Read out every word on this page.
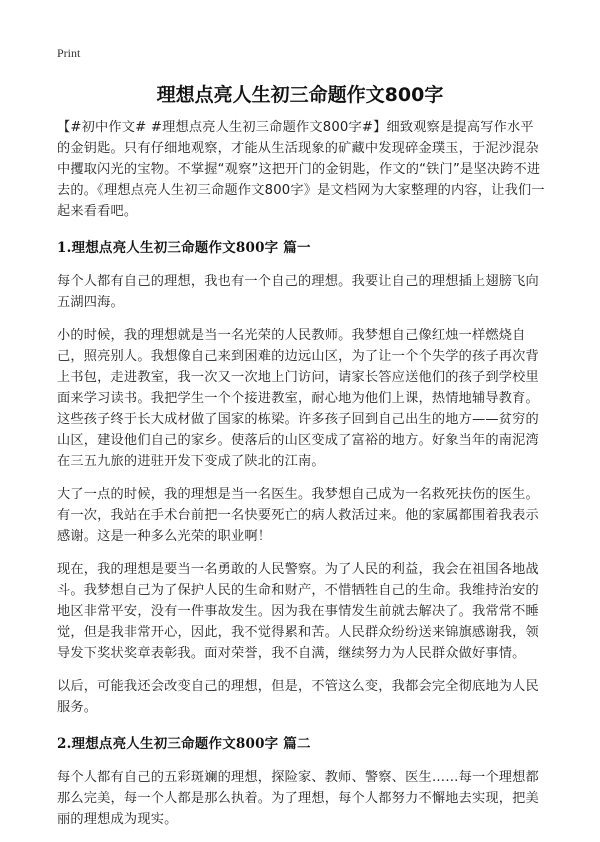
Print
理想点亮人生初三命题作文800字

【#初中作文# #理想点亮人生初三命题作文800字#】细致观察是提高写作水平的金钥匙。只有仔细地观察，才能从生活现象的矿藏中发现碎金璞玉，于泥沙混杂中攫取闪光的宝物。不掌握“观察”这把开门的金钥匙，作文的“铁门”是坚决跨不进去的。《理想点亮人生初三命题作文800字》是文档网为大家整理的内容，让我们一起来看看吧。

1.理想点亮人生初三命题作文800字 篇一

每个人都有自己的理想，我也有一个自己的理想。我要让自己的理想插上翅膀飞向五湖四海。

小的时候，我的理想就是当一名光荣的人民教师。我梦想自己像红烛一样燃烧自己，照亮别人。我想像自己来到困难的边远山区，为了让一个个失学的孩子再次背上书包，走进教室，我一次又一次地上门访问，请家长答应送他们的孩子到学校里面来学习读书。我把学生一个个接进教室，耐心地为他们上课，热情地辅导教育。这些孩子终于长大成材做了国家的栋梁。许多孩子回到自己出生的地方——贫穷的山区，建设他们自己的家乡。使落后的山区变成了富裕的地方。好象当年的南泥湾在三五九旅的进驻开发下变成了陕北的江南。

大了一点的时候，我的理想是当一名医生。我梦想自己成为一名救死扶伤的医生。有一次，我站在手术台前把一名快要死亡的病人救活过来。他的家属都围着我表示感谢。这是一种多么光荣的职业啊！

现在，我的理想是要当一名勇敢的人民警察。为了人民的利益，我会在祖国各地战斗。我梦想自己为了保护人民的生命和财产，不惜牺牲自己的生命。我维持治安的地区非常平安，没有一件事故发生。因为我在事情发生前就去解决了。我常常不睡觉，但是我非常开心，因此，我不觉得累和苦。人民群众纷纷送来锦旗感谢我，领导发下奖状奖章表彰我。面对荣誉，我不自满，继续努力为人民群众做好事情。

以后，可能我还会改变自己的理想，但是，不管这么变，我都会完全彻底地为人民服务。

2.理想点亮人生初三命题作文800字 篇二

每个人都有自己的五彩斑斓的理想，探险家、教师、警察、医生……每一个理想都那么完美，每一个人都是那么执着。为了理想，每个人都努力不懈地去实现，把美丽的理想成为现实。
